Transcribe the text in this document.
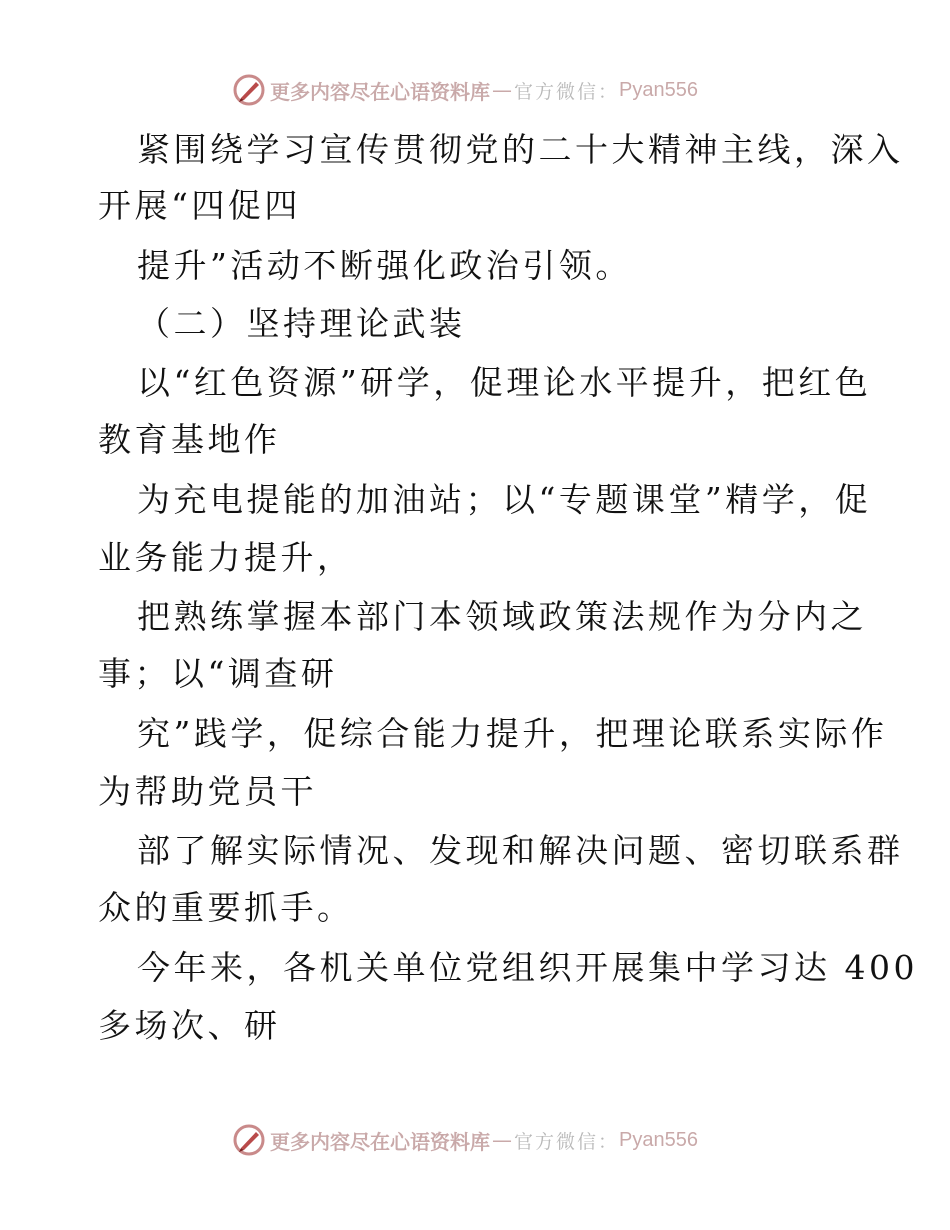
更多内容尽在心语资料库 — 官方微信： Pyan556
紧围绕学习宣传贯彻党的二十大精神主线，深入
开展“四促四
提升”活动不断强化政治引领。
（二）坚持理论武装
以“红色资源”研学，促理论水平提升，把红色
教育基地作
为充电提能的加油站；以“专题课堂”精学，促
业务能力提升，
把熟练掌握本部门本领域政策法规作为分内之
事；以“调查研
究”践学，促综合能力提升，把理论联系实际作
为帮助党员干
部了解实际情况、发现和解决问题、密切联系群
众的重要抓手。
今年来，各机关单位党组织开展集中学习达 400
多场次、研
更多内容尽在心语资料库 — 官方微信： Pyan556
